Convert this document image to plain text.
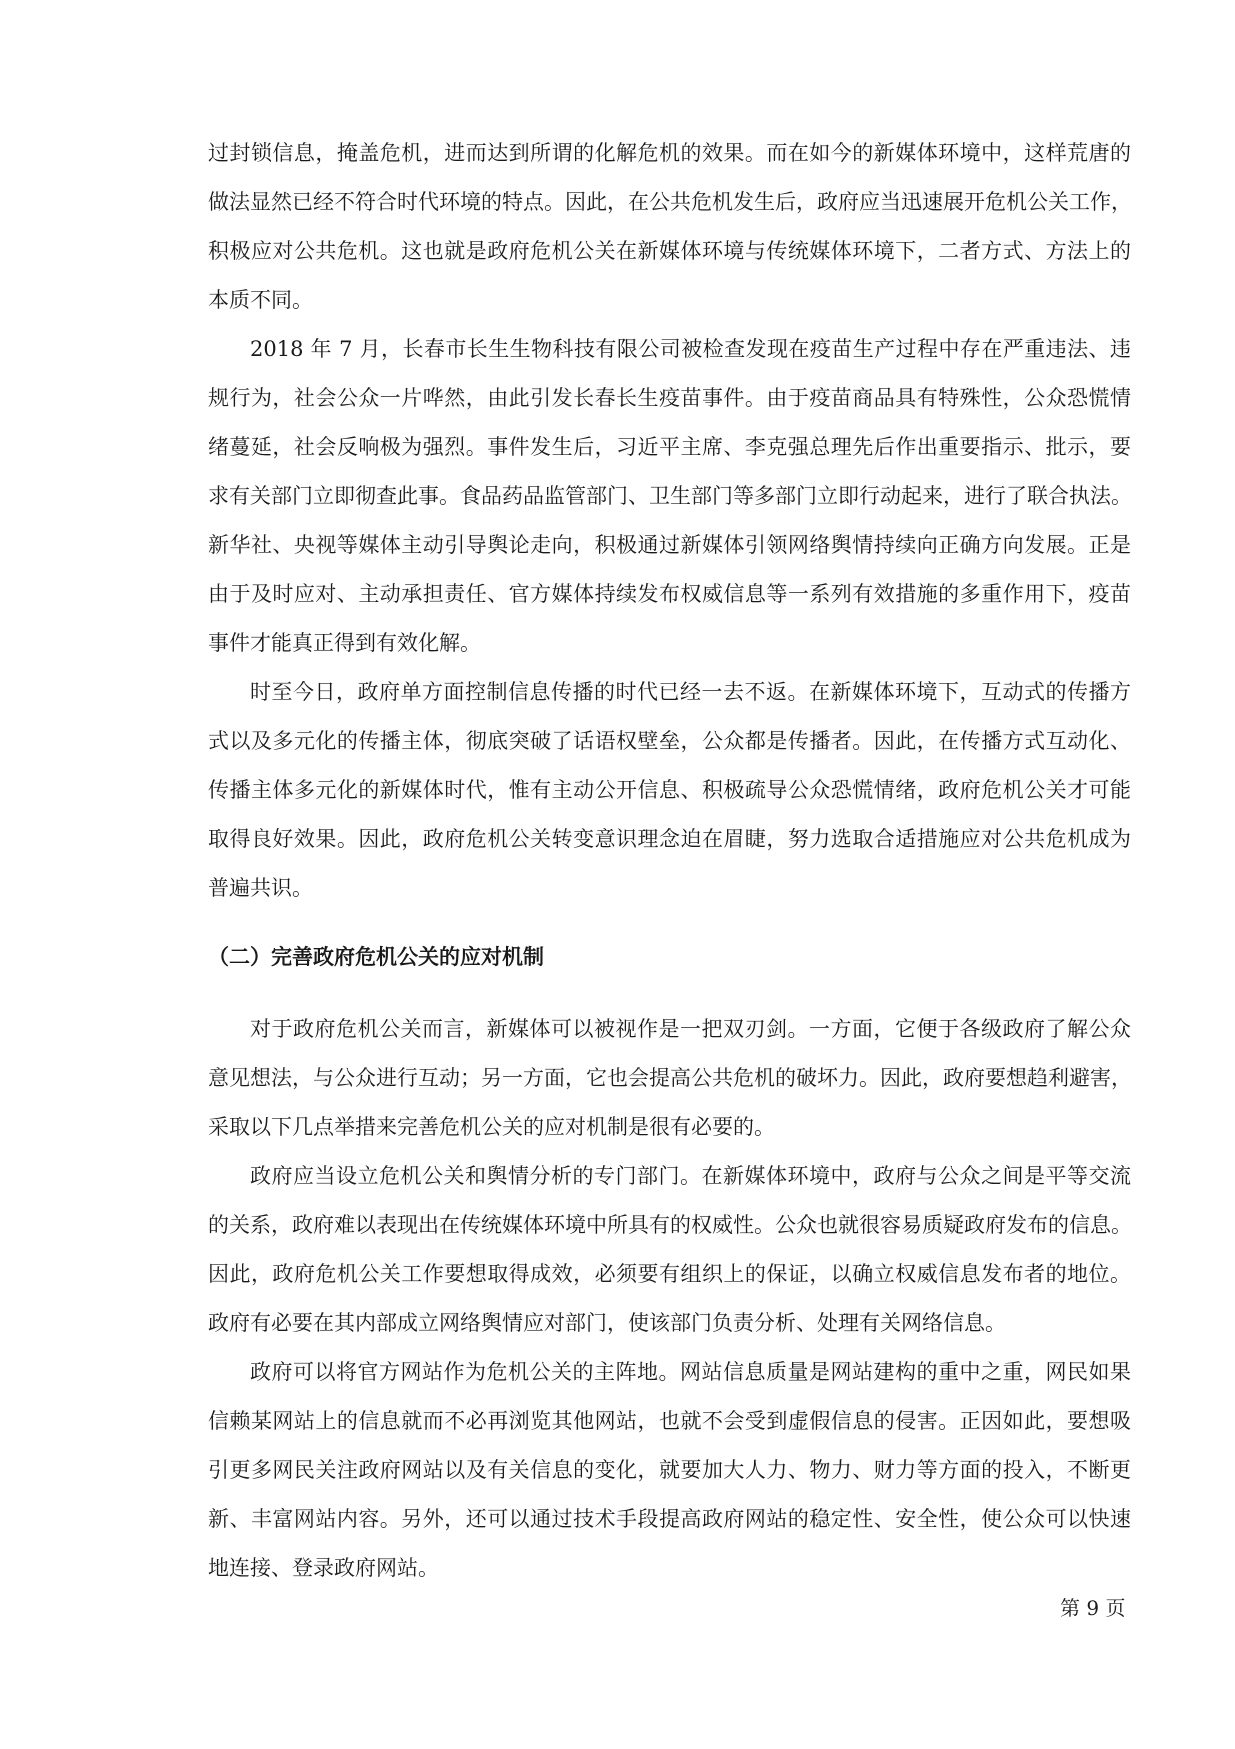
过封锁信息，掩盖危机，进而达到所谓的化解危机的效果。而在如今的新媒体环境中，这样荒唐的
做法显然已经不符合时代环境的特点。因此，在公共危机发生后，政府应当迅速展开危机公关工作，
积极应对公共危机。这也就是政府危机公关在新媒体环境与传统媒体环境下，二者方式、方法上的
本质不同。
2018 年 7 月，长春市长生生物科技有限公司被检查发现在疫苗生产过程中存在严重违法、违
规行为，社会公众一片哗然，由此引发长春长生疫苗事件。由于疫苗商品具有特殊性，公众恐慌情
绪蔓延，社会反响极为强烈。事件发生后，习近平主席、李克强总理先后作出重要指示、批示，要
求有关部门立即彻查此事。食品药品监管部门、卫生部门等多部门立即行动起来，进行了联合执法。
新华社、央视等媒体主动引导舆论走向，积极通过新媒体引领网络舆情持续向正确方向发展。正是
由于及时应对、主动承担责任、官方媒体持续发布权威信息等一系列有效措施的多重作用下，疫苗
事件才能真正得到有效化解。
时至今日，政府单方面控制信息传播的时代已经一去不返。在新媒体环境下，互动式的传播方
式以及多元化的传播主体，彻底突破了话语权壁垒，公众都是传播者。因此，在传播方式互动化、
传播主体多元化的新媒体时代，惟有主动公开信息、积极疏导公众恐慌情绪，政府危机公关才可能
取得良好效果。因此，政府危机公关转变意识理念迫在眉睫，努力选取合适措施应对公共危机成为
普遍共识。
（二）完善政府危机公关的应对机制
对于政府危机公关而言，新媒体可以被视作是一把双刃剑。一方面，它便于各级政府了解公众
意见想法，与公众进行互动；另一方面，它也会提高公共危机的破坏力。因此，政府要想趋利避害，
采取以下几点举措来完善危机公关的应对机制是很有必要的。
政府应当设立危机公关和舆情分析的专门部门。在新媒体环境中，政府与公众之间是平等交流
的关系，政府难以表现出在传统媒体环境中所具有的权威性。公众也就很容易质疑政府发布的信息。
因此，政府危机公关工作要想取得成效，必须要有组织上的保证，以确立权威信息发布者的地位。
政府有必要在其内部成立网络舆情应对部门，使该部门负责分析、处理有关网络信息。
政府可以将官方网站作为危机公关的主阵地。网站信息质量是网站建构的重中之重，网民如果
信赖某网站上的信息就而不必再浏览其他网站，也就不会受到虚假信息的侵害。正因如此，要想吸
引更多网民关注政府网站以及有关信息的变化，就要加大人力、物力、财力等方面的投入，不断更
新、丰富网站内容。另外，还可以通过技术手段提高政府网站的稳定性、安全性，使公众可以快速
地连接、登录政府网站。
第 9 页
